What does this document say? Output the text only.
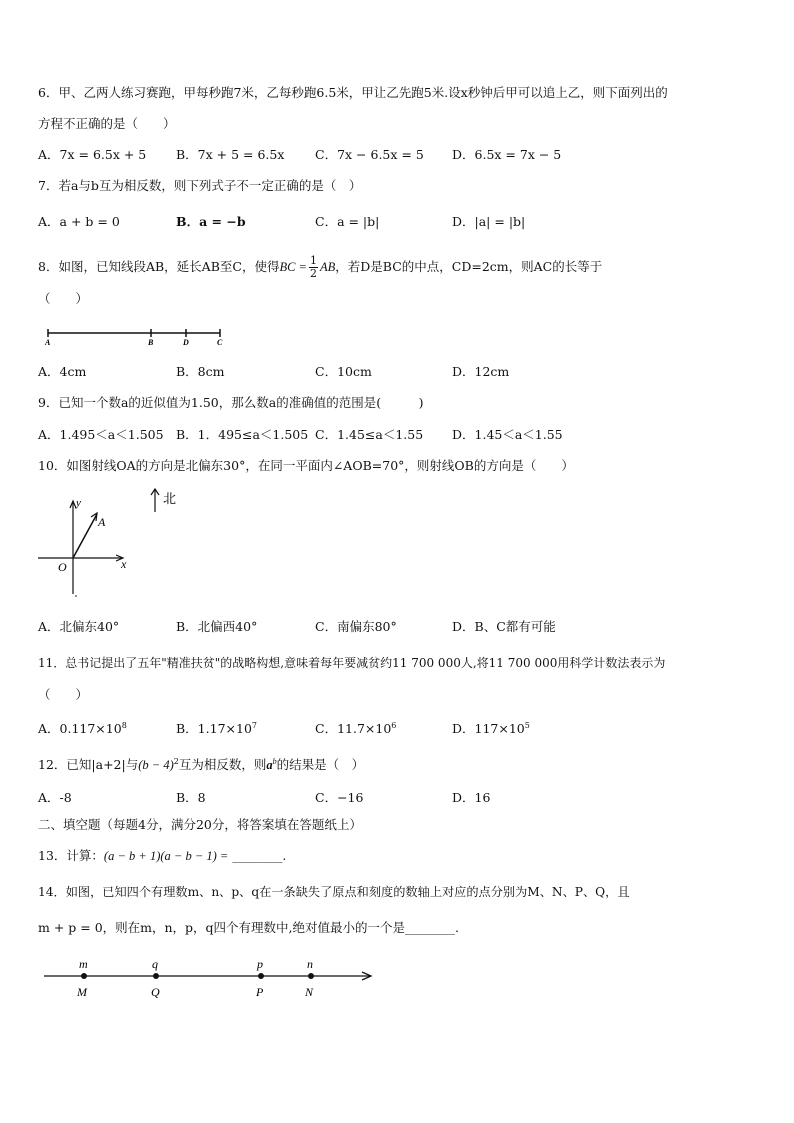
6．甲、乙两人练习赛跑，甲每秒跑7米，乙每秒跑6.5米，甲让乙先跑5米.设x秒钟后甲可以追上乙，则下面列出的
方程不正确的是（　　）
A．7x = 6.5x + 5 B．7x + 5 = 6.5x C．7x − 6.5x = 5 D．6.5x = 7x − 5
7．若a与b互为相反数，则下列式子不一定正确的是（　）
A．a + b = 0	B．a = −b	C．a = |b|	D．|a| = |b|
8．如图，已知线段AB，延长AB至C，使得BC = $\frac{1}{2}$ AB，若D是BC的中点，CD=2cm，则AC的长等于
（　　）
A	B	D	C
A．4cm	B．8cm	C．10cm	D．12cm
9．已知一个数a的近似值为1.50，那么数a的准确值的范围是(　　　)
A．1.495＜a＜1.505 B．1．495≤a＜1.505 C．1.45≤a＜1.55 D．1.45＜a＜1.55
10．如图射线OA的方向是北偏东30°，在同一平面内∠AOB=70°，则射线OB的方向是（　　）
北
y
x
O
A
A．北偏东40°	B．北偏西40°	C．南偏东80°	D．B、C都有可能
11．总书记提出了五年"精准扶贫"的战略构想,意味着每年要减贫约11 700 000人,将11 700 000用科学计数法表示为
（　　）
A．$0.117\times 10^8$	B．$1.17\times 10^7$	C．$11.7\times 10^6$	D．$117\times 10^5$
12．已知|a+2|与$(b - 4)^2$互为相反数，则$a^b$的结果是（　）
A．-8	B．8	C．−16	D．16
二、填空题（每题4分，满分20分，将答案填在答题纸上）
13．计算：(a − b + 1)(a − b − 1) = ________.
14．如图，已知四个有理数m、n、p、q在一条缺失了原点和刻度的数轴上对应的点分别为M、N、P、Q，且
m + p = 0，则在m，n，p，q四个有理数中,绝对值最小的一个是________.
m	q	p	n
M	Q	P	N
